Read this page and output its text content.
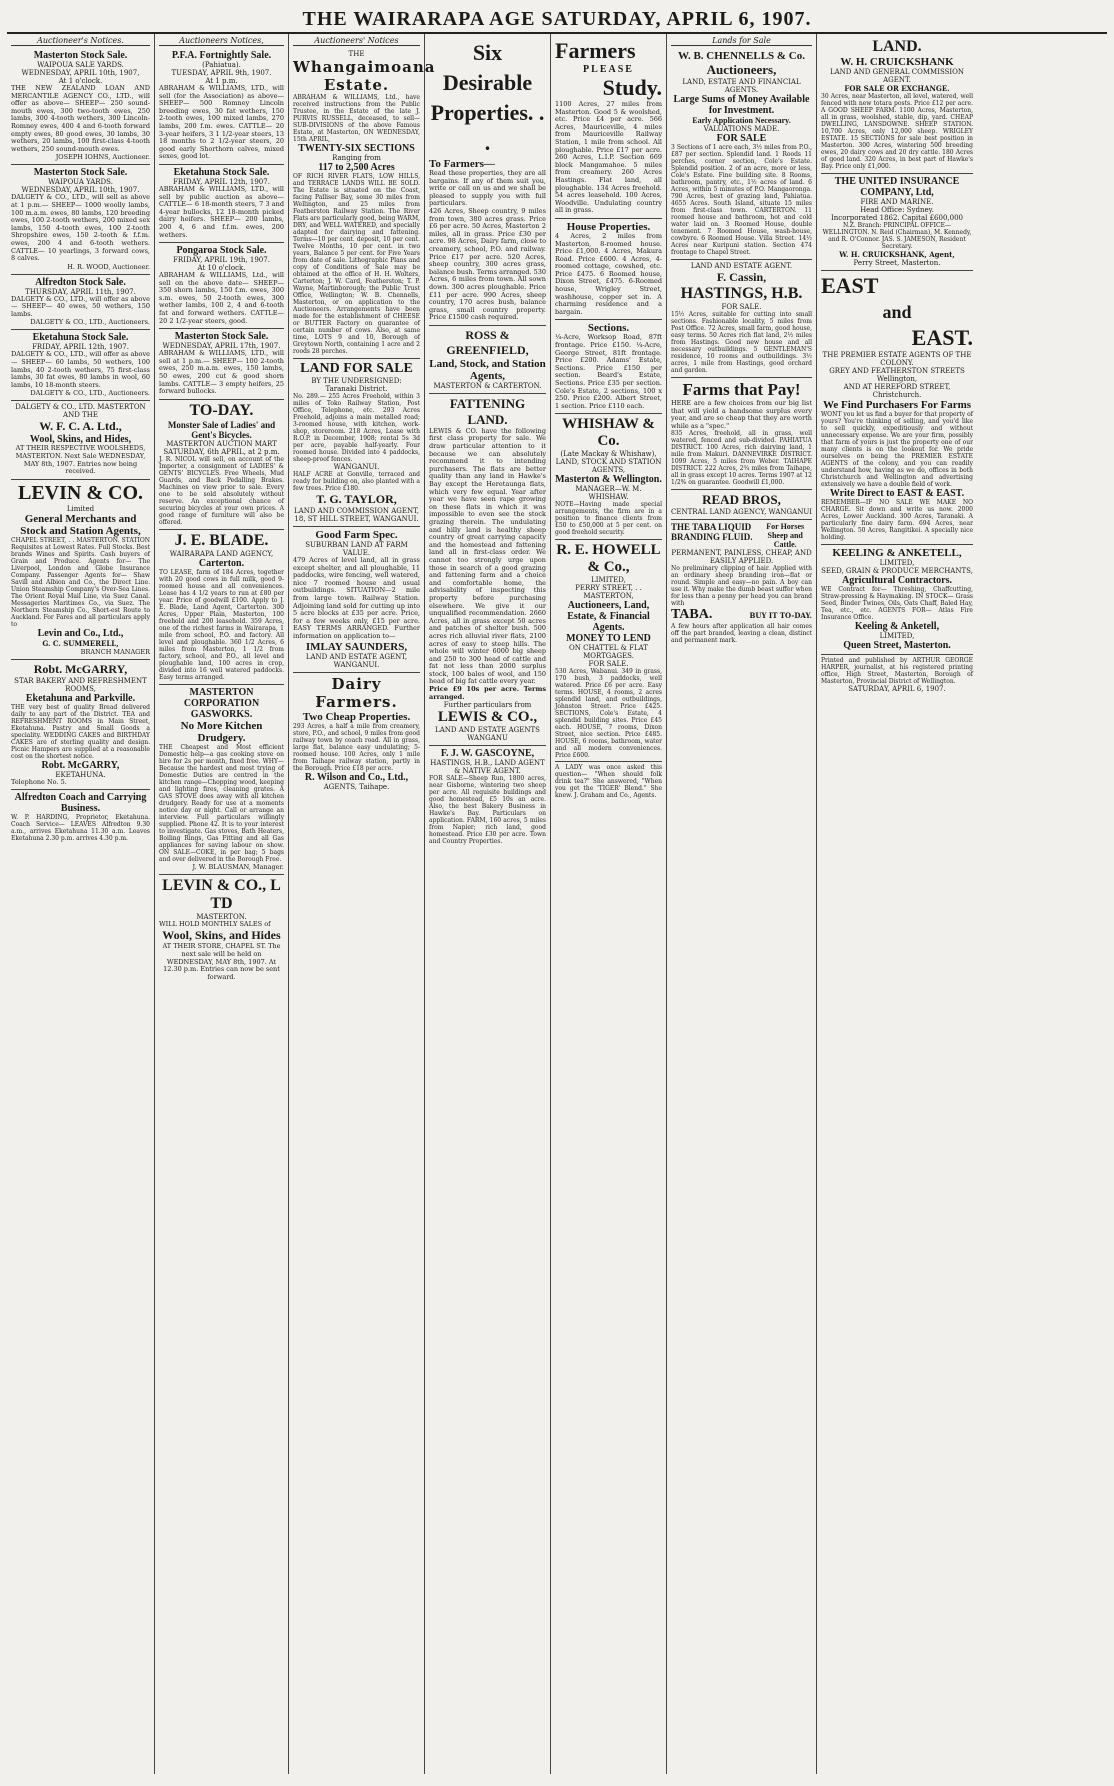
THE WAIRARAPA AGE SATURDAY, APRIL 6, 1907.
Auctioneer's Notices.
Masterton Stock Sale.
WAIPOUA SALE YARDS.
WEDNESDAY, APRIL 10th, 1907,
At 1 o'clock.
THE NEW ZEALAND LOAN AND MERCANTILE AGENCY CO., LTD., will offer as above— SHEEP— 250 sound-mouth ewes, 300 two-tooth ewes, 250 lambs, 300 4-tooth wethers, 300 Lincoln-Romney ewes, 400 4 and 6-tooth forward empty ewes, 80 good ewes, 30 lambs, 30 wethers, 20 lambs, 100 first-class 4-tooth wethers, 250 sound-mouth ewes.
JOSEPH IOHNS, Auctioneer.
Masterton Stock Sale.
WAIPOUA YARDS.
WEDNESDAY, APRIL 10th, 1907.
DALGETY & CO., LTD., will sell as above at 1 p.m.— SHEEP— 1000 woolly lambs, 100 m.a.m. ewes, 80 lambs, 120 breeding ewes, 100 2-tooth wethers, 200 mixed sex lambs, 150 4-tooth ewes, 100 2-tooth Shropshire ewes, 150 2-tooth & f.f.m. ewes, 200 4 and 6-tooth wethers. CATTLE— 10 yearlings, 3 forward cows, 8 calves.
H. R. WOOD, Auctioneer.
Alfredton Stock Sale.
THURSDAY, APRIL 11th, 1907.
DALGETY & CO., LTD., will offer as above— SHEEP— 40 ewes, 50 wethers, 150 lambs.
DALGETY & CO., LTD., Auctioneers.
Eketahuna Stock Sale.
FRIDAY, APRIL 12th, 1907.
DALGETY & CO., LTD., will offer as above— SHEEP— 60 lambs, 50 wethers, 100 lambs, 40 2-tooth wethers, 75 first-class lambs, 30 fat ewes, 80 lambs in wool, 60 lambs, 10 18-month steers.
DALGETY & CO., LTD., Auctioneers.
DALGETY & CO., LTD. MASTERTON AND THE
W. F. C. A. Ltd.,
Wool, Skins, and Hides,
AT THEIR RESPECTIVE WOOLSHEDS, MASTERTON. Next Sale WEDNESDAY, MAY 8th, 1907. Entries now being received.
LEVIN & CO.
Limited
General Merchants and Stock and Station Agents,
CHAPEL STREET, . . MASTERTON. STATION Requisites at Lowest Rates. Full Stocks. Best brands Wines and Spirits. Cash buyers of Grain and Produce. Agents for— The Liverpool, London and Globe Insurance Company. Passenger Agents for— Shaw Savill and Albion and Co., the Direct Line. Union Steamship Company's Over-Sea Lines. The Orient Royal Mail Line, via Suez Canal. Messageries Maritimes Co., via Suez. The Northern Steamship Co., Short-est Route to Auckland. For Fares and all particulars apply to
Levin and Co., Ltd.,
G. C. SUMMERELL,
BRANCH MANAGER
Robt. McGARRY,
STAR BAKERY AND REFRESHMENT ROOMS,
Eketahuna and Parkville.
THE very best of quality Bread delivered daily to any part of the District. TEA and REFRESHMENT ROOMS in Main Street, Eketahuna. Pastry and Small Goods a speciality. WEDDING CAKES and BIRTHDAY CAKES are of sterling quality and design. Picnic Hampers are supplied at a reasonable cost on the shortest notice.
Robt. McGARRY,
EKETAHUNA.
Telephone No. 5.
Alfredton Coach and Carrying Business.
W. P. HARDING, Proprietor, Eketahuna. Coach Service— LEAVES Alfredton 9.30 a.m., arrives Eketahuna 11.30 a.m. Leaves Eketahuna 2.30 p.m. arrives 4.30 p.m.
Auctioneers Notices,
P.F.A. Fortnightly Sale.
(Pahiatua).
TUESDAY, APRIL 9th, 1907.
At 1 p.m.
ABRAHAM & WILLIAMS, LTD., will sell (for the Association) as above— SHEEP— 500 Romney Lincoln breeding ewes, 30 fat wethers, 150 2-tooth ewes, 100 mixed lambs, 270 lambs, 200 f.m. ewes. CATTLE— 20 3-year heifers, 3 1 1/2-year steers, 13 18 months to 2 1/2-year steers, 20 good early Shorthorn calves, mixed sexes, good lot.
Eketahuna Stock Sale.
FRIDAY, APRIL 12th, 1907.
ABRAHAM & WILLIAMS, LTD., will sell by public auction as above— CATTLE— 6 18-month steers, 7 3 and 4-year bullocks, 12 18-month picked dairy heifers. SHEEP— 200 lambs, 200 4, 6 and f.f.m. ewes, 200 wethers.
Pongaroa Stock Sale.
FRIDAY, APRIL 19th, 1907.
At 10 o'clock.
ABRAHAM & WILLIAMS, Ltd., will sell on the above date— SHEEP— 350 shorn lambs, 150 f.m. ewes, 300 s.m. ewes, 50 2-tooth ewes, 300 wether lambs, 100 2, 4 and 6-tooth fat and forward wethers. CATTLE— 20 2 1/2-year steers, good.
Masterton Stock Sale.
WEDNESDAY, APRIL 17th, 1907.
ABRAHAM & WILLIAMS, LTD., will sell at 1 p.m.— SHEEP— 100 2-tooth ewes, 250 m.a.m. ewes, 150 lambs, 50 ewes, 200 cut & good shorn lambs. CATTLE— 3 empty heifers, 25 forward bullocks.
TO-DAY.
Monster Sale of Ladies' and Gent's Bicycles.
MASTERTON AUCTION MART SATURDAY, 6th APRIL, at 2 p.m.
J. R. NICOL will sell, on account of the Importer, a consignment of LADIES' & GENTS' BICYCLES. Free Wheels, Mud Guards, and Back Pedalling Brakes. Machines on view prior to sale. Every one to be sold absolutely without reserve. An exceptional chance of securing bicycles at your own prices. A good range of furniture will also be offered.
J. E. BLADE.
WAIRARAPA LAND AGENCY,
Carterton.
TO LEASE, farm of 184 Acres, together with 20 good cows in full milk, good 9-roomed house and all conveniences. Lease has 4 1/2 years to run at £80 per year. Price of goodwill £100. Apply to J. E. Blade, Land Agent, Carterton. 300 Acres, Upper Plain, Masterton, 100 freehold and 200 leasehold. 359 Acres, one of the richest farms in Wairarapa, 1 mile from school, P.O. and factory. All level and ploughable. 360 1/2 Acres, 6 miles from Masterton, 1 1/2 from factory, school, and P.O., all level and ploughable land, 100 acres in crop, divided into 16 well watered paddocks. Easy terms arranged.
MASTERTON CORPORATION GASWORKS.
No More Kitchen Drudgery.
THE Cheapest and Most efficient Domestic help—a gas cooking stove on hire for 2s per month, fixed free. WHY—Because the hardest and most trying of Domestic Duties are centred in the kitchen range—Chopping wood, keeping and lighting fires, cleaning grates. A GAS STOVE does away with all kitchen drudgery. Ready for use at a moments notice day or night. Call or arrange an interview. Full particulars willingly supplied. Phone 42. It is to your interest to investigate. Gas stoves, Bath Heaters, Boiling Rings, Gas Fitting and all Gas appliances for saving labour on show. ON SALE—COKE, in per bag; 5 bags and over delivered in the Borough Free.
J. W. BLAUSMAN, Manager.
LEVIN & CO., L TD
MASTERTON.
WILL HOLD MONTHLY SALES of
Wool, Skins, and Hides
AT THEIR STORE, CHAPEL ST. The next sale will be held on WEDNESDAY, MAY 8th, 1907. At 12.30 p.m. Entries can now be sent forward.
Auctioneers' Notices
THE
Whangaimoana Estate.
ABRAHAM & WILLIAMS, Ltd., have received instructions from the Public Trustee, in the Estate of the late J. PURVIS RUSSELL, deceased, to sell— SUB-DIVISIONS of the above Famous Estate, at Masterton, ON WEDNESDAY, 15th APRIL,
TWENTY-SIX SECTIONS
Ranging from
117 to 2,500 Acres
OF RICH RIVER FLATS, LOW HILLS, and TERRACE LANDS WILL BE SOLD. The Estate is situated on the Coast, facing Palliser Bay, some 30 miles from Wellington, and 25 miles from Featherston Railway Station. The River Flats are particularly good, being WARM, DRY, and WELL WATERED, and specially adapted for dairying and fattening. Terms—10 per cent. deposit, 10 per cent. Twelve Months, 10 per cent. in two years, Balance 5 per cent. for Five Years from date of sale. Lithographic Plans and copy of Conditions of Sale may be obtained at the office of H. H. Wolters, Carterton; J. W. Card, Featherston; T. P. Wayne, Martinborough; the Public Trust Office, Wellington; W. B. Chennells, Masterton, or on application to the Auctioneers. Arrangements have been made for the establishment of CHEESE or BUTTER Factory on guarantee of certain number of cows. Also, at same time, LOTS 9 and 10, Borough of Greytown North, containing 1 acre and 2 roods 28 perches.
LAND FOR SALE
BY THE UNDERSIGNED:
Taranaki District.
No. 289.— 255 Acres Freehold, within 3 miles of Toko Railway Station, Post Office, Telephone, etc. 293 Acres Freehold, adjoins a main metalled road; 3-roomed house, with kitchen, work-shop, storeroom. 218 Acres, Lease with R.O.P. in December, 1908; rental 5s 3d per acre, payable half-yearly. Four roomed house. Divided into 4 paddocks, sheep-proof fences.
WANGANUI.
HALF ACRE at Gonville, terraced and ready for building on, also planted with a few trees. Price £180.
T. G. TAYLOR,
LAND AND COMMISSION AGENT, 18, ST HILL STREET, WANGANUI.
Good Farm Spec.
SUBURBAN LAND AT FARM VALUE.
479 Acres of level land, all in grass except shelter, and all ploughable, 11 paddocks, wire fencing, well watered, nice 7 roomed house and usual outbuildings. SITUATION—2 mile from large town. Railway Station. Adjoining land sold for cutting up into 5 acre blocks at £35 per acre. Price, for a few weeks only, £15 per acre. EASY TERMS ARRANGED. Further information on application to—
IMLAY SAUNDERS,
LAND AND ESTATE AGENT, WANGANUI.
Dairy Farmers.
Two Cheap Properties.
293 Acres, a half a mile from creamery, store, P.O., and school, 9 miles from good railway town by coach road. All in grass, large flat, balance easy undulating; 5-roomed house. 100 Acres, only 1 mile from Taihape railway station, partly in the Borough. Price £18 per acre.
R. Wilson and Co., Ltd.,
AGENTS, Taihape.
Six Desirable Properties. . .
To Farmers—
Read these properties, they are all bargains. If any of them suit you, write or call on us and we shall be pleased to supply you with full particulars.
426 Acres, Sheep country, 9 miles from town, 380 acres grass. Price £6 per acre. 50 Acres, Masterton 2 miles, all in grass. Price £30 per acre. 98 Acres, Dairy farm, close to creamery, school, P.O. and railway. Price £17 per acre. 520 Acres, sheep country, 300 acres grass, balance bush. Terms arranged. 530 Acres, 6 miles from town. All sown down. 300 acres ploughable. Price £11 per acre. 990 Acres, sheep country, 170 acres bush, balance grass, small country property. Price £1500 cash required.
ROSS & GREENFIELD,
Land, Stock, and Station Agents,
MASTERTON & CARTERTON.
FATTENING LAND.
LEWIS & CO. have the following first class property for sale. We draw particular attention to it because we can absolutely recommend it to intending purchasers. The flats are better quality than any land in Hawke's Bay except the Heretaunga flats, which very few equal. Year after year we have seen rape growing on these flats in which it was impossible to even see the stock grazing therein. The undulating and hilly land is healthy sheep country of great carrying capacity and the homestead and fattening land all in first-class order. We cannot too strongly urge upon those in search of a good grazing and fattening farm and a choice and comfortable home, the advisability of inspecting this property before purchasing elsewhere. We give it our unqualified recommendation. 2660 Acres, all in grass except 50 acres and patches of shelter bush. 500 acres rich alluvial river flats, 2100 acres of easy to steep hills. The whole will winter 6000 big sheep and 250 to 300 head of cattle and fat not less than 2000 surplus stock, 100 bales of wool, and 150 head of big fat cattle every year.
Price £9 10s per acre. Terms arranged.
Further particulars from
LEWIS & CO.,
LAND AND ESTATE AGENTS WANGANU
F. J. W. GASCOYNE,
HASTINGS, H.B., LAND AGENT & NATIVE AGENT.
FOR SALE—Sheep Run, 1800 acres, near Gisborne, wintering two sheep per acre. All requisite buildings and good homestead, £5 10s an acre. Also, the best Bakery Business in Hawke's Bay. Particulars on application. FARM, 160 acres, 5 miles from Napier; rich land, good homestead. Price £30 per acre. Town and Country Properties.
Farmers
PLEASE
Study.
1100 Acres, 27 miles from Masterton. Good 5 & woolshed, etc. Price £4 per acre. 566 Acres, Mauriceville, 4 miles from Mauriceville Railway Station, 1 mile from school. All ploughable. Price £17 per acre. 260 Acres, L.I.P. Section 669 block Mangamahoe. 5 miles from creamery. 260 Acres Hastings. Flat land, all ploughable. 134 Acres freehold. 54 acres leasehold. 100 Acres, Woodville. Undulating country all in grass.
House Properties.
4 Acres, 2 miles from Masterton, 8-roomed house. Price £1,000. 4 Acres, Makura Road. Price £600. 4 Acres, 4-roomed cottage, cowshed, etc. Price £475. 6 Roomed house, Dixon Street, £475. 6-Roomed house, Wrigley Street, washhouse, copper set in. A charming residence and a bargain.
Sections.
¼-Acre, Worksop Road, 87ft frontage. Price £150. ¼-Acre, George Street, 81ft frontage. Price £200. Adams' Estate, Sections. Price £150 per section. Beard's Estate, Sections. Price £35 per section. Cole's Estate, 2 sections, 100 x 250. Price £200. Albert Street, 1 section. Price £110 each.
WHISHAW & Co.
(Late Mackay & Whishaw),
LAND, STOCK AND STATION AGENTS,
Masterton & Wellington.
MANAGER—W. M. WHISHAW.
NOTE—Having made special arrangements, the firm are in a position to finance clients from £50 to £50,000 at 5 per cent. on good freehold security.
R. E. HOWELL & Co.,
LIMITED,
PERRY STREET, . . MASTERTON,
Auctioneers, Land, Estate, & Financial Agents.
MONEY TO LEND
ON CHATTEL & FLAT MORTGAGES.
FOR SALE.
530 Acres, Wabanui. 349 in grass, 170 bush, 3 paddocks, well watered. Price £6 per acre. Easy terms. HOUSE, 4 rooms, 2 acres splendid land, and outbuildings, Johnston Street. Price £425. SECTIONS, Cole's Estate, 4 splendid building sites. Price £45 each. HOUSE, 7 rooms, Dixon Street, nice section. Price £485. HOUSE, 6 rooms, bathroom, water and all modern conveniences. Price £600.
A LADY was once asked this question— "When should folk drink tea?" She answered, "When you get the 'TIGER' Blend." She knew. J. Graham and Co., Agents.
Lands for Sale
W. B. CHENNELLS & Co.
Auctioneers,
LAND, ESTATE AND FINANCIAL AGENTS.
Large Sums of Money Available for Investment.
Early Application Necessary.
VALUATIONS MADE.
FOR SALE
3 Sections of 1 acre each, 3½ miles from P.O., £87 per section. Splendid land. 1 Roods 11 perches, corner section, Cole's Estate. Splendid position. 2 of an acre, more or less, Cole's Estate. Fine building site. 8 Rooms, bathroom, pantry, etc., 1½ acres of land. 6 Acres, within 5 minutes of P.O. Mangaoronga. 790 Acres, best of grazing land, Pahiatua. 4655 Acres. South Island, situate 15 miles from first-class town. CARTERTON. 11 roomed house and bathroom, hot and cold water laid on. 3 Roomed House, double tenement. 7 Roomed House, wash-house, cowbyre. 6 Roomed House. Villa Street. 14½ Acres near Kuripuni station. Section 474 frontage to Chapel Street.
LAND AND ESTATE AGENT.
F. Cassin,
HASTINGS, H.B.
FOR SALE.
15½ Acres, suitable for cutting into small sections. Fashionable locality, 5 miles from Post Office. 72 Acres, small farm, good house, easy terms. 50 Acres rich flat land, 2½ miles from Hastings. Good new house and all necessary outbuildings. 5 GENTLEMAN'S residence, 10 rooms and outbuildings. 3½ acres, 1 mile from Hastings, good orchard and garden.
Farms that Pay!
HERE are a few choices from our big list that will yield a handsome surplus every year, and are so cheap that they are worth while as a "spec."
835 Acres, freehold, all in grass, well watered, fenced and sub-divided. PAHIATUA DISTRICT. 100 Acres, rich dairying land, 1 mile from Makuri. DANNEVIRKE DISTRICT. 1099 Acres, 5 miles from Weber. TAIHAPE DISTRICT. 222 Acres, 2¾ miles from Taihape, all in grass except 10 acres. Terms 1907 at 12 1/2% on guarantee. Goodwill £1,000.
READ BROS,
CENTRAL LAND AGENCY, WANGANUI
THE TABA LIQUID BRANDING FLUID.
For Horses Sheep and Cattle.
PERMANENT, PAINLESS, CHEAP, AND EASILY APPLIED.
No preliminary clipping of hair. Applied with an ordinary sheep branding iron—flat or round. Simple and easy—no pain. A boy can use it. Why make the dumb beast suffer when for less than a penny per head you can brand with
TABA.	BUY IT TO-DAY.
A few hours after application all hair comes off the part branded, leaving a clean, distinct and permanent mark.
LAND.
W. H. CRUICKSHANK
LAND AND GENERAL COMMISSION AGENT.
FOR SALE OR EXCHANGE.
30 Acres, near Masterton, all level, watered, well fenced with new totara posts. Price £12 per acre. A GOOD SHEEP FARM. 1100 Acres, Masterton, all in grass, woolshed, stable, dip, yard. CHEAP DWELLING, LANSDOWNE. SHEEP STATION. 10,700 Acres, only 12,000 sheep. WRIGLEY ESTATE. 15 SECTIONS for sale best position in Masterton. 300 Acres, wintering 500 breeding ewes, 20 dairy cows and 20 dry cattle. 180 Acres of good land. 320 Acres, in best part of Hawke's Bay. Price only £1,000.
THE UNITED INSURANCE COMPANY, Ltd,
FIRE AND MARINE.
Head Office: Sydney.
Incorporated 1862. Capital £600,000
N.Z. Branch: PRINCIPAL OFFICE—WELLINGTON. N. Reid (Chairman), M. Kennedy, and R. O'Connor. JAS. S. JAMESON, Resident Secretary.
W. H. CRUICKSHANK, Agent,
Perry Street, Masterton.
EAST
and
EAST.
THE PREMIER ESTATE AGENTS OF THE COLONY.
GREY AND FEATHERSTON STREETS Wellington,
AND AT HEREFORD STREET, Christchurch.
We Find Purchasers For Farms
WONT you let us find a buyer for that property of yours? You're thinking of selling, and you'd like to sell quickly, expeditiously and without unnecessary expense. We are your firm, possibly that farm of yours is just the property one of our many clients is on the lookout for. We pride ourselves on being the PREMIER ESTATE AGENTS of the colony, and you can readily understand how, having as we do, offices in both Christchurch and Wellington and advertising extensively we have a double field of work.
Write Direct to EAST & EAST.
REMEMBER—IF NO SALE WE MAKE NO CHARGE. Sit down and write us now. 2000 Acres, Lower Auckland. 300 Acres, Taranaki. A particularly fine dairy farm. 694 Acres, near Wellington. 50 Acres, Rangitikei. A specially nice holding.
KEELING & ANKETELL,
LIMITED,
SEED, GRAIN & PRODUCE MERCHANTS,
Agricultural Contractors.
WE Contract for— Threshing, Chaffcutting, Straw-pressing & Haymaking. IN STOCK— Grass Seed, Binder Twines, Oils, Oats Chaff, Baled Hay, Tea, etc., etc. AGENTS FOR— Atlas Fire Insurance Office.
Keeling & Anketell,
LIMITED,
Queen Street, Masterton.
Printed and published by ARTHUR GEORGE HARPER, journalist, at his registered printing office, High Street, Masterton, Borough of Masterton, Provincial District of Wellington.
SATURDAY, APRIL 6, 1907.
